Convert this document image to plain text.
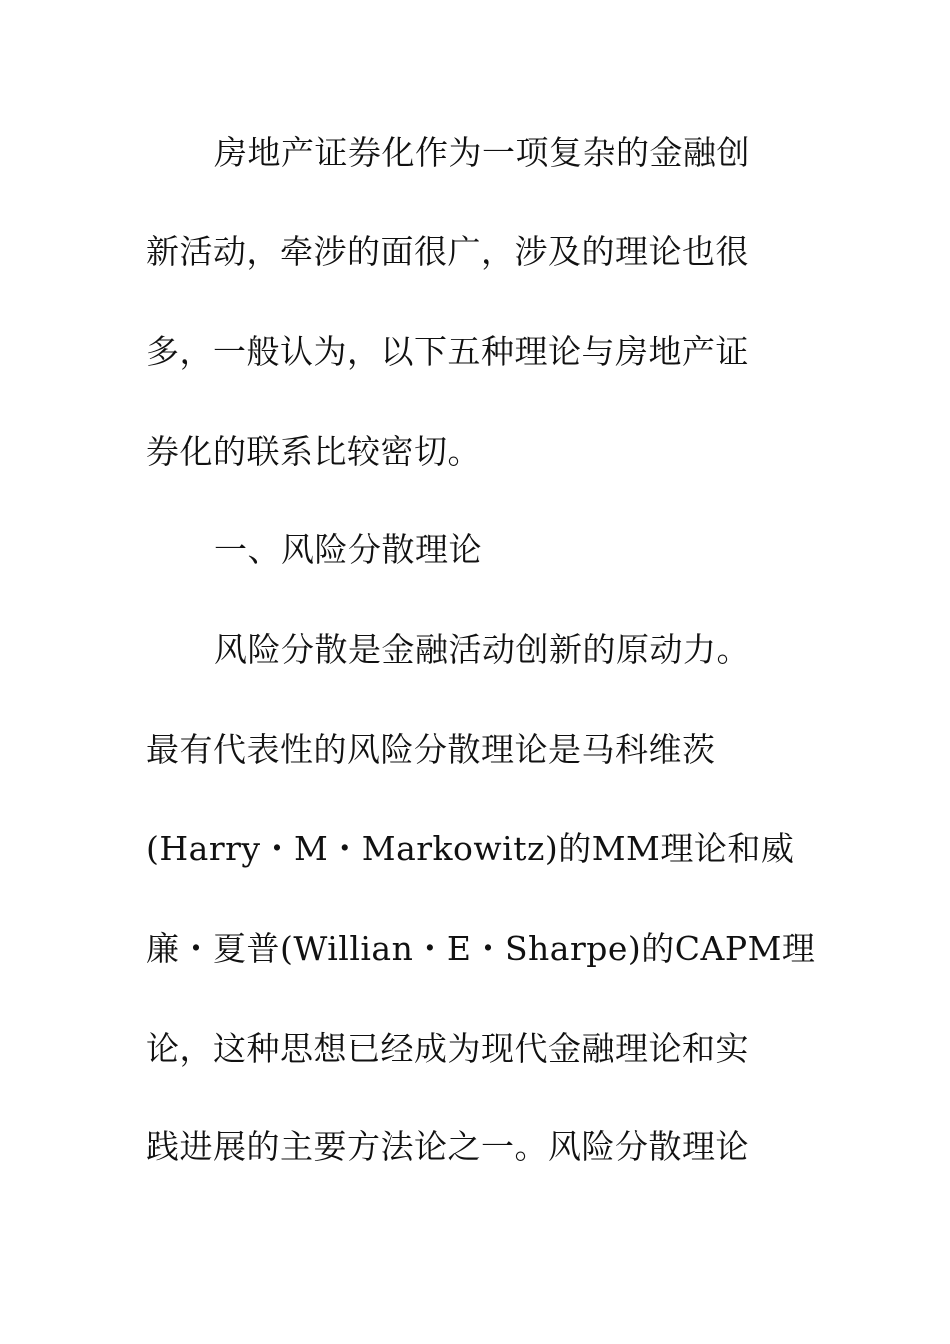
房地产证券化作为一项复杂的金融创
新活动，牵涉的面很广，涉及的理论也很
多，一般认为，以下五种理论与房地产证
券化的联系比较密切。
一、风险分散理论
风险分散是金融活动创新的原动力。
最有代表性的风险分散理论是马科维茨
(Harry・M・Markowitz)的MM理论和威
廉・夏普(Willian・E・Sharpe)的CAPM理
论，这种思想已经成为现代金融理论和实
践进展的主要方法论之一。风险分散理论
